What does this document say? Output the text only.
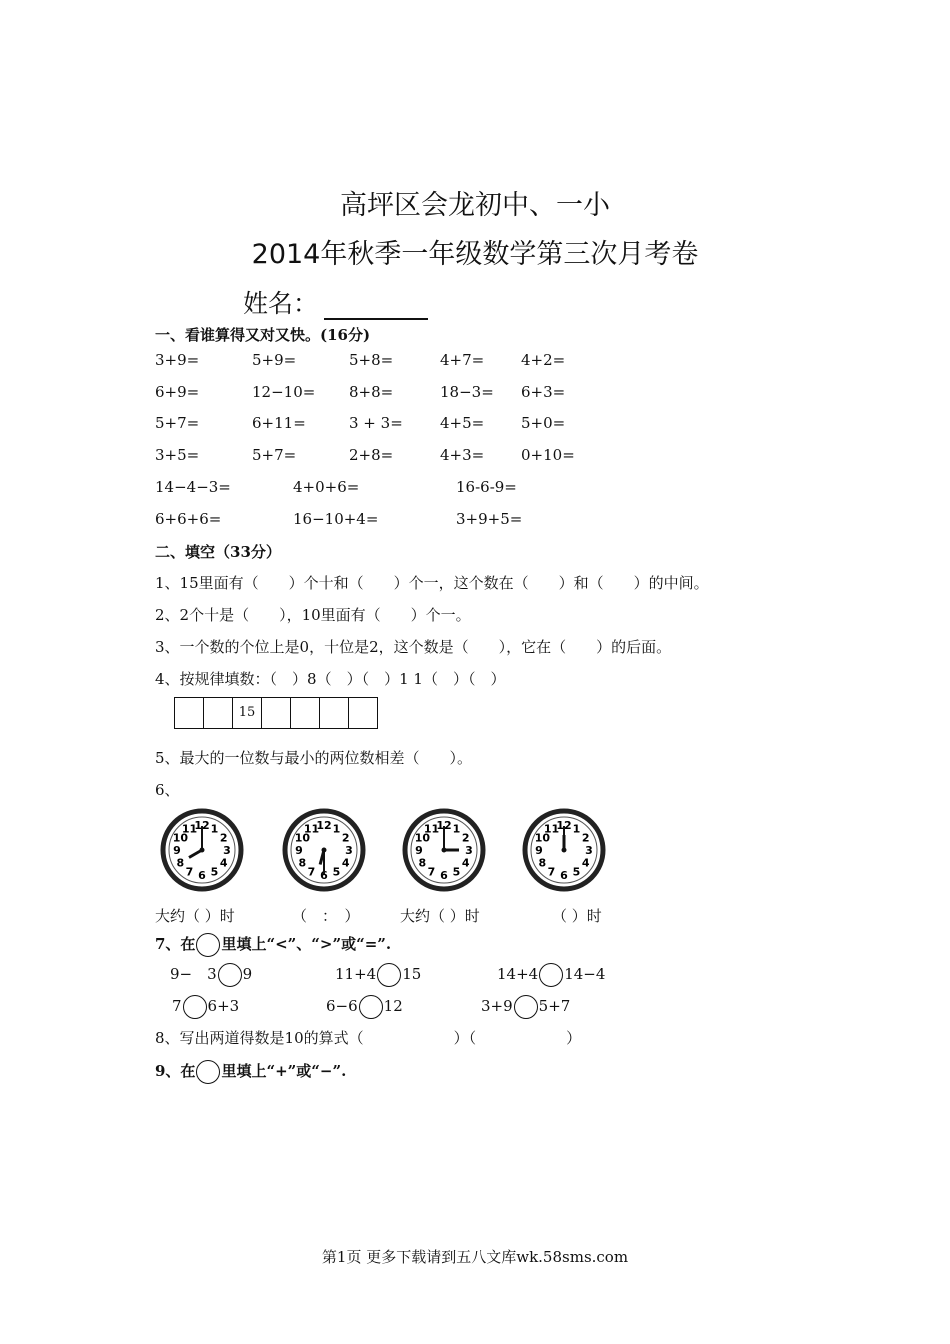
高坪区会龙初中、一小
2014年秋季一年级数学第三次月考卷
姓名：
一、看谁算得又对又快。(16分)
3+9=	5+9=	5+8=	4+7= 4+2=
6+9=	12−10= 8+8=	18−3= 6+3=
5+7=	6+11=	3 + 3= 4+5= 5+0=
3+5=	5+7=	2+8=	4+3= 0+10=
14−4−3=	4+0+6=	16-6-9=
6+6+6=	16−10+4=	3+9+5=
二、填空（33分）
1、15里面有（　　）个十和（　　）个一，这个数在（　　）和（　　）的中间。
2、2个十是（　　），10里面有（　　）个一。
3、一个数的个位上是0，十位是2，这个数是（　　），它在（　　）的后面。
4、按规律填数：（　）8（　）（　）1 1（　）（　）
15
5、最大的一位数与最小的两位数相差（　　）。
6、
1
2
3
4
5
6
7
8
9
10
11
12	1
2
3
4
5
6
7
8
9
10
11
12	1
2
3
4
5
6
7
8
9
10
11
12	1
2
3
4
5
6
7
8
9
10
11
12
大约（ ）时	（　：　）	大约（ ）时	（ ）时
7、在 里填上“<”、“>”或“=”.
9−　3 9	11+4 15	14+4 14−4
7 6+3	6−6 12	3+9 5+7
8、写出两道得数是10的算式（　　　　　　）（　　　　　　）
9、在 里填上“+”或“−”.
第1页 更多下载请到五八文库wk.58sms.com
